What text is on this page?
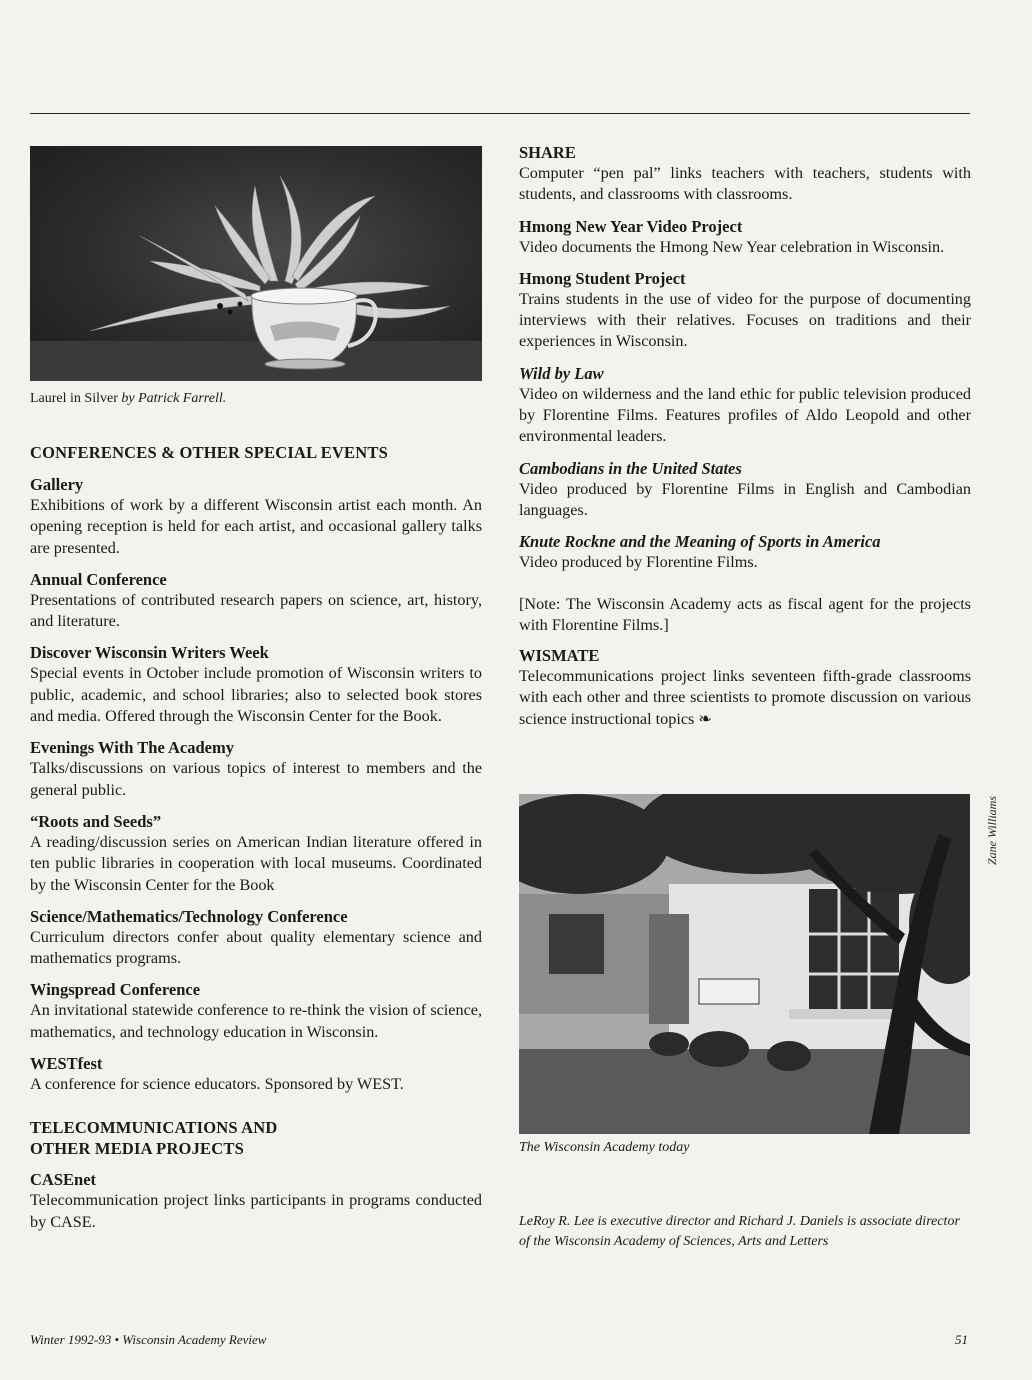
Laurel in Silver by Patrick Farrell.

CONFERENCES & OTHER SPECIAL EVENTS

Gallery

Exhibitions of work by a different Wisconsin artist each month. An opening reception is held for each artist, and occasional gallery talks are presented.

Annual Conference

Presentations of contributed research papers on science, art, history, and literature.

Discover Wisconsin Writers Week

Special events in October include promotion of Wisconsin writers to public, academic, and school libraries; also to selected book stores and media. Offered through the Wisconsin Center for the Book.

Evenings With The Academy

Talks/discussions on various topics of interest to members and the general public.

“Roots and Seeds”

A reading/discussion series on American Indian literature offered in ten public libraries in cooperation with local museums. Coordinated by the Wisconsin Center for the Book

Science/Mathematics/Technology Conference

Curriculum directors confer about quality elementary science and mathematics programs.

Wingspread Conference

An invitational statewide conference to re-think the vision of science, mathematics, and technology education in Wisconsin.

WESTfest

A conference for science educators. Sponsored by WEST.

TELECOMMUNICATIONS AND

OTHER MEDIA PROJECTS

CASEnet

Telecommunication project links participants in programs conducted by CASE.

SHARE

Computer “pen pal” links teachers with teachers, students with students, and classrooms with classrooms.

Hmong New Year Video Project

Video documents the Hmong New Year celebration in Wisconsin.

Hmong Student Project

Trains students in the use of video for the purpose of documenting interviews with their relatives. Focuses on traditions and their experiences in Wisconsin.

Wild by Law

Video on wilderness and the land ethic for public television produced by Florentine Films. Features profiles of Aldo Leopold and other environmental leaders.

Cambodians in the United States

Video produced by Florentine Films in English and Cambodian languages.

Knute Rockne and the Meaning of Sports in America

Video produced by Florentine Films.

[Note: The Wisconsin Academy acts as fiscal agent for the projects with Florentine Films.]

WISMATE

Telecommunications project links seventeen fifth-grade classrooms with each other and three scientists to promote discussion on various science instructional topics ❧

The Wisconsin Academy today

Zane Williams

LeRoy R. Lee is executive director and Richard J. Daniels is associate director of the Wisconsin Academy of Sciences, Arts and Letters

Winter 1992-93 • Wisconsin Academy Review	51
